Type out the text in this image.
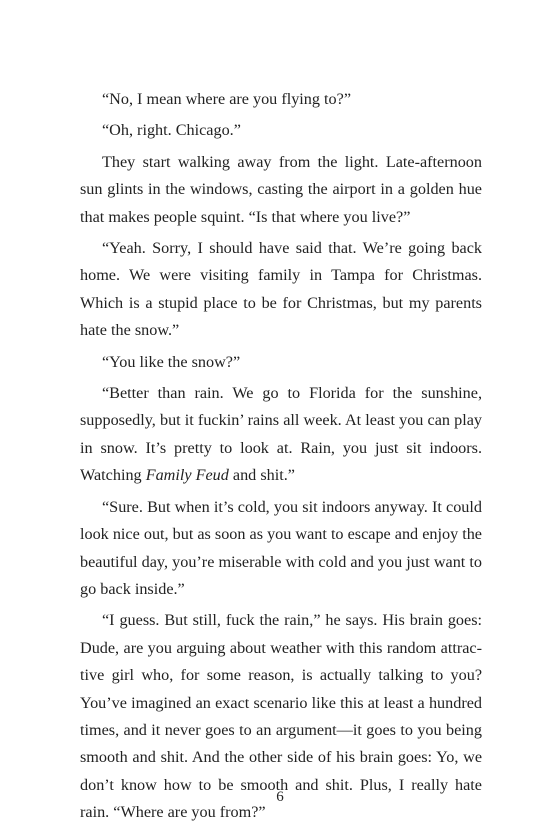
“No, I mean where are you flying to?”

“Oh, right. Chicago.”

They start walking away from the light. Late-afternoon sun glints in the windows, casting the airport in a golden hue that makes people squint. “Is that where you live?”

“Yeah. Sorry, I should have said that. We’re going back home. We were visiting family in Tampa for Christmas. Which is a stupid place to be for Christmas, but my parents hate the snow.”

“You like the snow?”

“Better than rain. We go to Florida for the sunshine, supposedly, but it fuckin’ rains all week. At least you can play in snow. It’s pretty to look at. Rain, you just sit indoors. Watching Family Feud and shit.”

“Sure. But when it’s cold, you sit indoors anyway. It could look nice out, but as soon as you want to escape and enjoy the beautiful day, you’re miserable with cold and you just want to go back inside.”

“I guess. But still, fuck the rain,” he says. His brain goes: Dude, are you arguing about weather with this random attractive girl who, for some reason, is actually talking to you? You’ve imagined an exact scenario like this at least a hundred times, and it never goes to an argument—it goes to you being smooth and shit. And the other side of his brain goes: Yo, we don’t know how to be smooth and shit. Plus, I really hate rain. “Where are you from?”

6
